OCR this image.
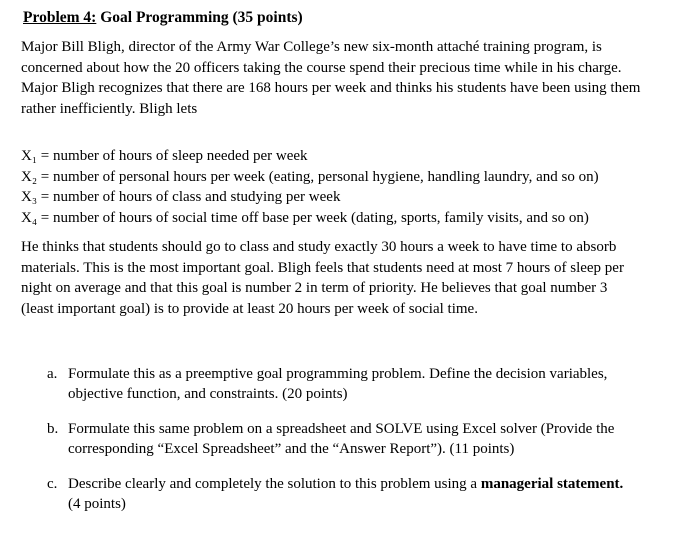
Problem 4: Goal Programming (35 points)

Major Bill Bligh, director of the Army War College’s new six-month attaché training program, is
concerned about how the 20 officers taking the course spend their precious time while in his charge.
Major Bligh recognizes that there are 168 hours per week and thinks his students have been using them
rather inefficiently. Bligh lets

X₁ = number of hours of sleep needed per week
X₂ = number of personal hours per week (eating, personal hygiene, handling laundry, and so on)
X₃ = number of hours of class and studying per week
X₄ = number of hours of social time off base per week (dating, sports, family visits, and so on)

He thinks that students should go to class and study exactly 30 hours a week to have time to absorb
materials. This is the most important goal. Bligh feels that students need at most 7 hours of sleep per
night on average and that this goal is number 2 in term of priority. He believes that goal number 3
(least important goal) is to provide at least 20 hours per week of social time.

a. Formulate this as a preemptive goal programming problem. Define the decision variables,
objective function, and constraints. (20 points)
b. Formulate this same problem on a spreadsheet and SOLVE using Excel solver (Provide the
corresponding “Excel Spreadsheet” and the “Answer Report”). (11 points)
c. Describe clearly and completely the solution to this problem using a managerial statement.
(4 points)
